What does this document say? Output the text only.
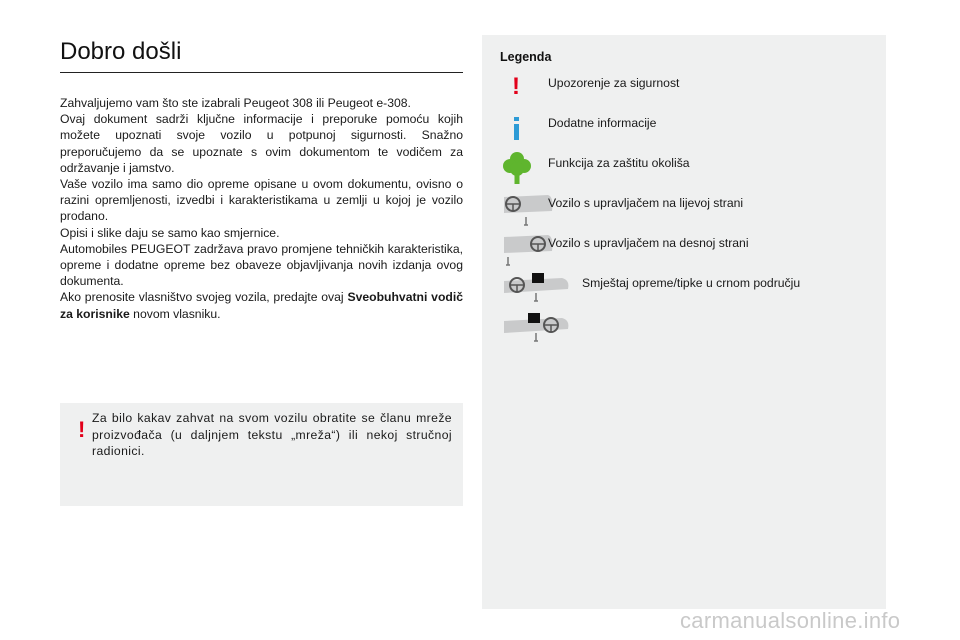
Dobro došli

Zahvaljujemo vam što ste izabrali Peugeot 308 ili Peugeot e-308.

Ovaj dokument sadrži ključne informacije i preporuke pomoću kojih možete upoznati svoje vozilo u potpunoj sigurnosti. Snažno preporučujemo da se upoznate s ovim dokumentom te vodičem za održavanje i jamstvo.

Vaše vozilo ima samo dio opreme opisane u ovom dokumentu, ovisno o razini opremljenosti, izvedbi i karakteristikama u zemlji u kojoj je vozilo prodano.

Opisi i slike daju se samo kao smjernice.

Automobiles PEUGEOT zadržava pravo promjene tehničkih karakteristika, opreme i dodatne opreme bez obaveze objavljivanja novih izdanja ovog dokumenta.

Ako prenosite vlasništvo svojeg vozila, predajte ovaj Sveobuhvatni vodič za korisnike novom vlasniku.

! Za bilo kakav zahvat na svom vozilu obratite se članu mreže proizvođača (u daljnjem tekstu „mreža“) ili nekoj stručnoj radionici.
Legenda
! Upozorenje za sigurnost
Dodatne informacije
Funkcija za zaštitu okoliša
Vozilo s upravljačem na lijevoj strani
Vozilo s upravljačem na desnoj strani
Smještaj opreme/tipke u crnom području
carmanualsonline.info
